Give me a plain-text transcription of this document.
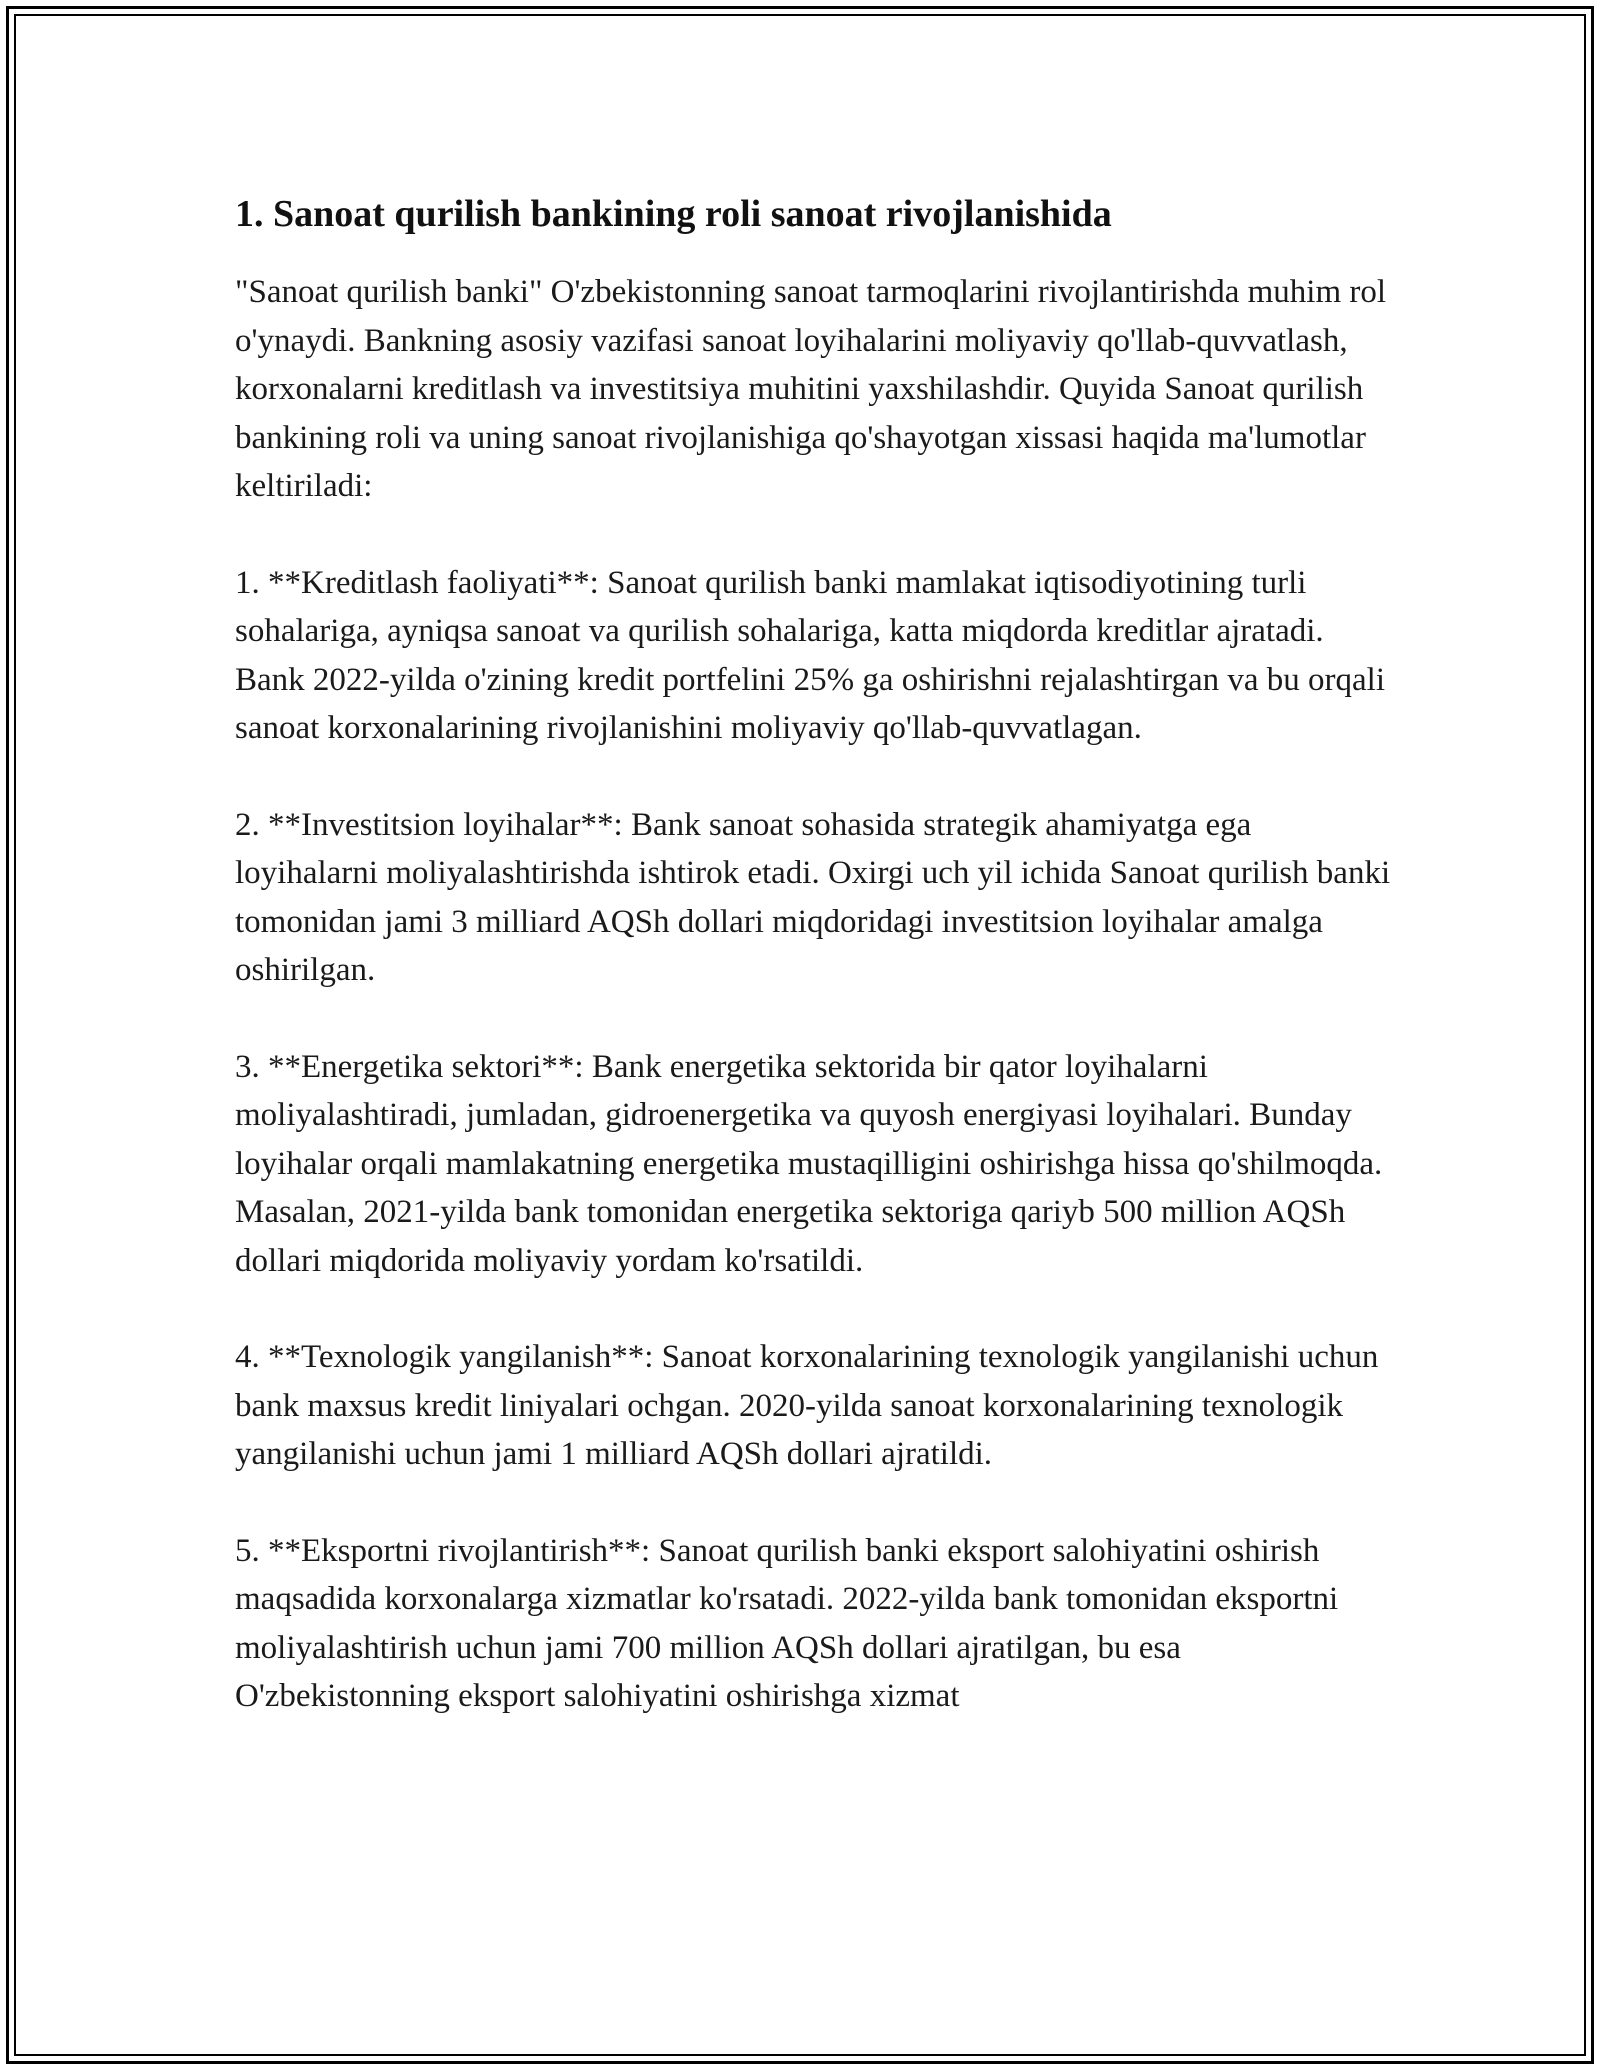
1. Sanoat qurilish bankining roli sanoat rivojlanishida

"Sanoat qurilish banki" O'zbekistonning sanoat tarmoqlarini rivojlantirishda muhim rol o'ynaydi. Bankning asosiy vazifasi sanoat loyihalarini moliyaviy qo'llab-quvvatlash, korxonalarni kreditlash va investitsiya muhitini yaxshilashdir. Quyida Sanoat qurilish bankining roli va uning sanoat rivojlanishiga qo'shayotgan xissasi haqida ma'lumotlar keltiriladi:

1. **Kreditlash faoliyati**: Sanoat qurilish banki mamlakat iqtisodiyotining turli sohalariga, ayniqsa sanoat va qurilish sohalariga, katta miqdorda kreditlar ajratadi. Bank 2022-yilda o'zining kredit portfelini 25% ga oshirishni rejalashtirgan va bu orqali sanoat korxonalarining rivojlanishini moliyaviy qo'llab-quvvatlagan.

2. **Investitsion loyihalar**: Bank sanoat sohasida strategik ahamiyatga ega loyihalarni moliyalashtirishda ishtirok etadi. Oxirgi uch yil ichida Sanoat qurilish banki tomonidan jami 3 milliard AQSh dollari miqdoridagi investitsion loyihalar amalga oshirilgan.

3. **Energetika sektori**: Bank energetika sektorida bir qator loyihalarni moliyalashtiradi, jumladan, gidroenergetika va quyosh energiyasi loyihalari. Bunday loyihalar orqali mamlakatning energetika mustaqilligini oshirishga hissa qo'shilmoqda. Masalan, 2021-yilda bank tomonidan energetika sektoriga qariyb 500 million AQSh dollari miqdorida moliyaviy yordam ko'rsatildi.

4. **Texnologik yangilanish**: Sanoat korxonalarining texnologik yangilanishi uchun bank maxsus kredit liniyalari ochgan. 2020-yilda sanoat korxonalarining texnologik yangilanishi uchun jami 1 milliard AQSh dollari ajratildi.

5. **Eksportni rivojlantirish**: Sanoat qurilish banki eksport salohiyatini oshirish maqsadida korxonalarga xizmatlar ko'rsatadi. 2022-yilda bank tomonidan eksportni moliyalashtirish uchun jami 700 million AQSh dollari ajratilgan, bu esa O'zbekistonning eksport salohiyatini oshirishga xizmat
